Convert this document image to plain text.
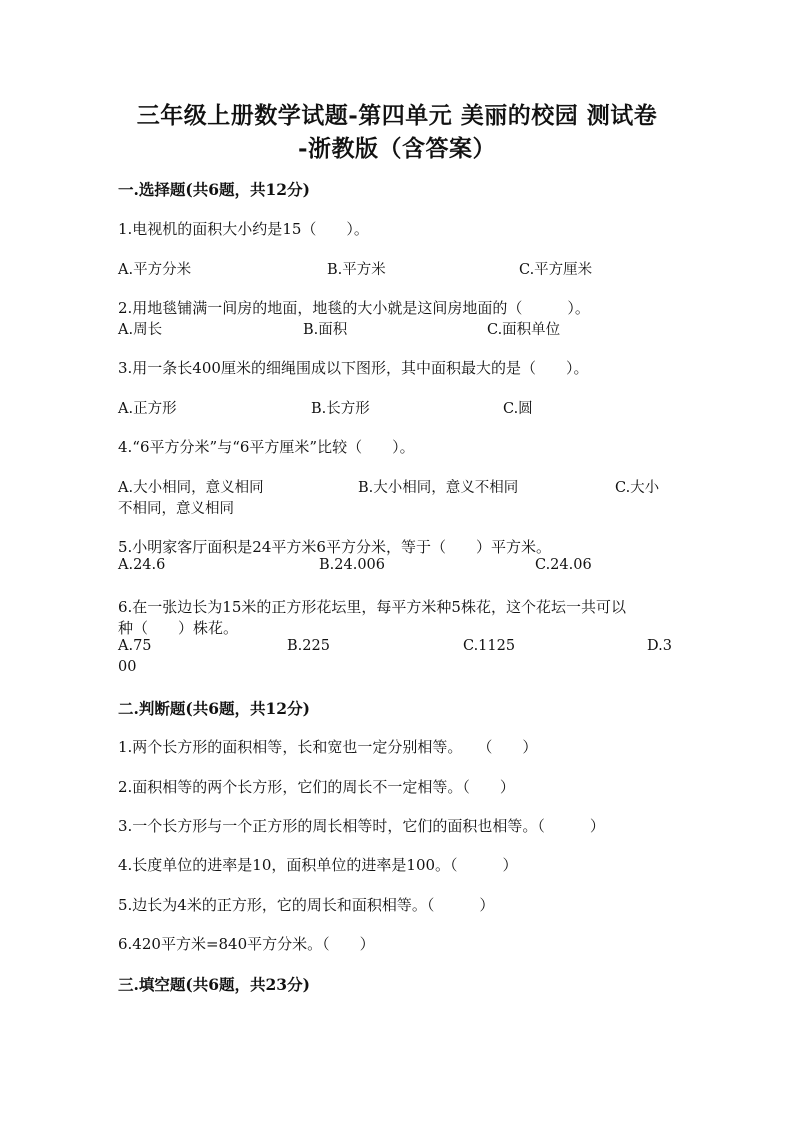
三年级上册数学试题-第四单元 美丽的校园 测试卷
-浙教版（含答案）
一.选择题(共6题，共12分)
1.电视机的面积大小约是15（　　）。
A.平方分米	B.平方米	C.平方厘米
2.用地毯铺满一间房的地面，地毯的大小就是这间房地面的（　　　）。
A.周长	B.面积	C.面积单位
3.用一条长400厘米的细绳围成以下图形，其中面积最大的是（　　）。
A.正方形	B.长方形	C.圆
4.“6平方分米”与“6平方厘米”比较（　　）。
A.大小相同，意义相同	B.大小相同，意义不相同	C.大小
不相同，意义相同
5.小明家客厅面积是24平方米6平方分米，等于（　　）平方米。
A.24.6	B.24.006	C.24.06
6.在一张边长为15米的正方形花坛里，每平方米种5株花，这个花坛一共可以
种（　　）株花。
A.75	B.225	C.1125	D.3
00
二.判断题(共6题，共12分)
1.两个长方形的面积相等，长和宽也一定分别相等。　　（　　）
2.面积相等的两个长方形，它们的周长不一定相等。（　　）
3.一个长方形与一个正方形的周长相等时，它们的面积也相等。（　　　）
4.长度单位的进率是10，面积单位的进率是100。（　　　）
5.边长为4米的正方形，它的周长和面积相等。（　　　）
6.420平方米=840平方分米。（　　）
三.填空题(共6题，共23分)
